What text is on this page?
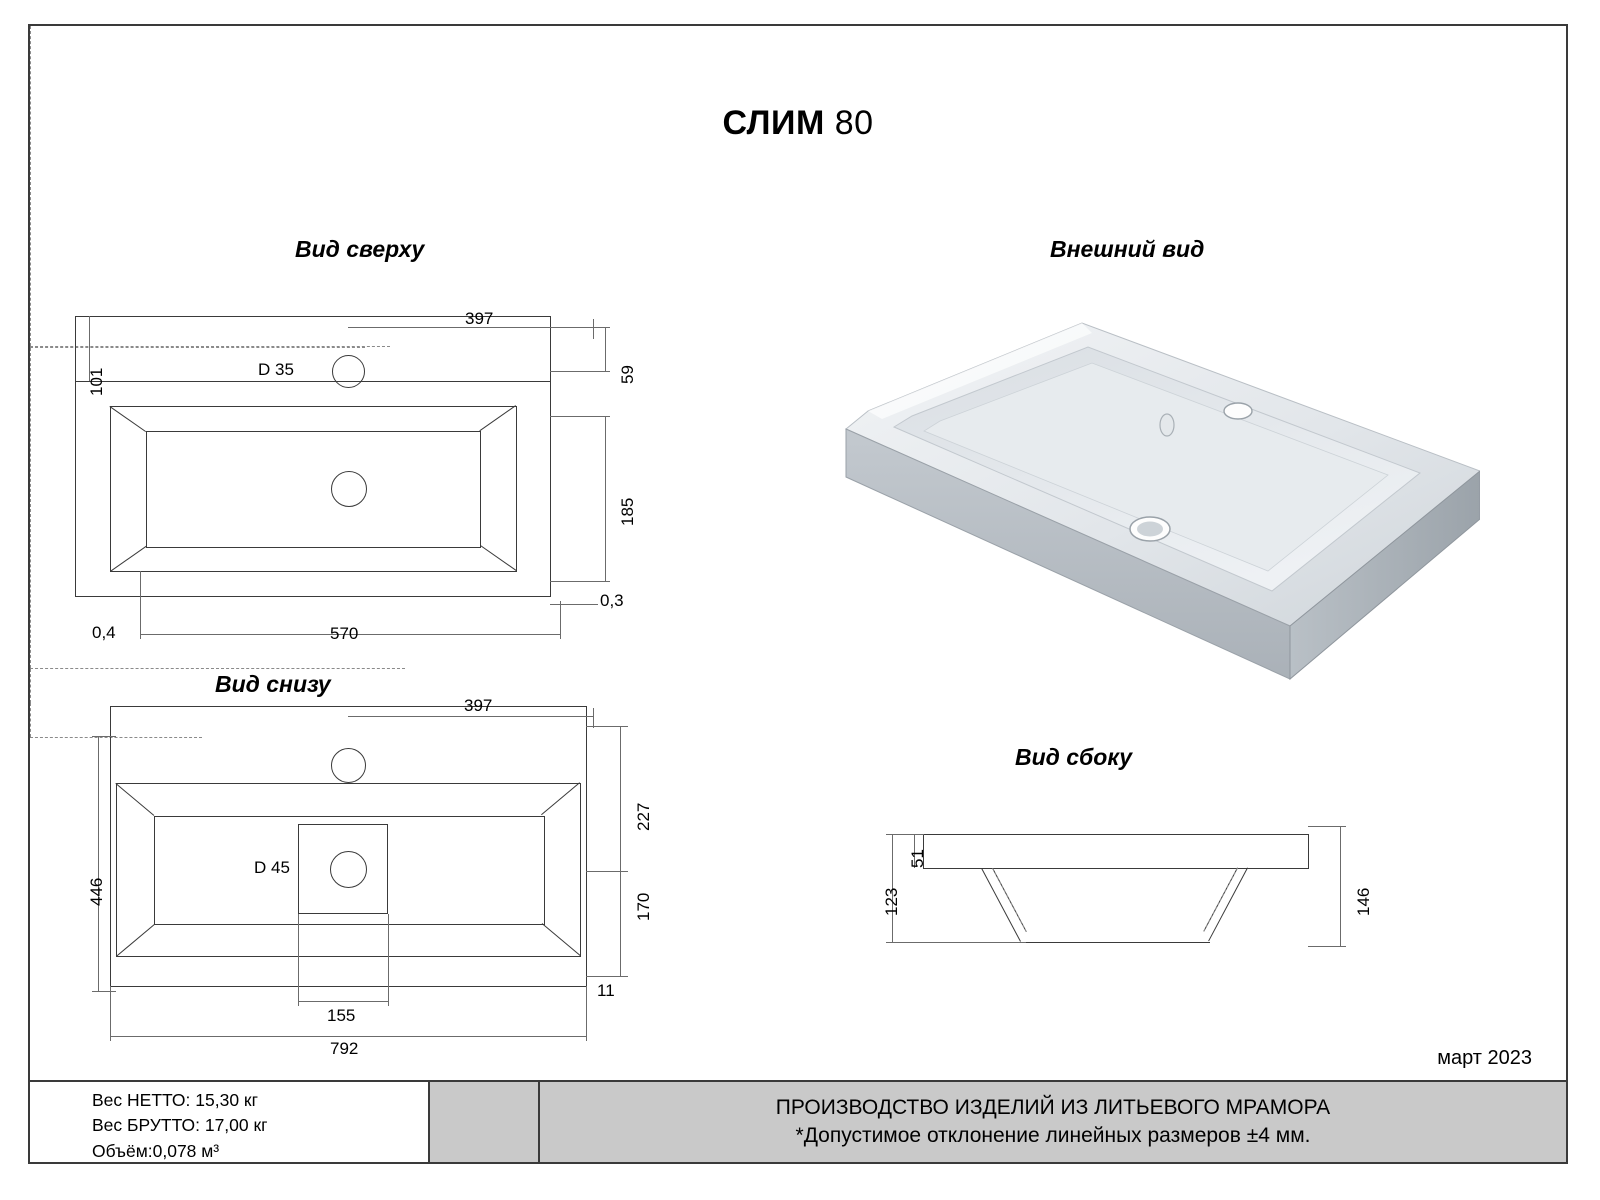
СЛИМ 80
Вид сверху
Вид снизу
Внешний вид
Вид сбоку
D 35
397
101	59
185
0,3
0,4	570
D 45
397
446
227
170
11
155
792
51
123	146
март 2023
Вес НЕТТО: 15,30 кг
Вес БРУТТО: 17,00 кг
Объём:0,078 м³
ПРОИЗВОДСТВО ИЗДЕЛИЙ ИЗ ЛИТЬЕВОГО МРАМОРА
*Допустимое отклонение линейных размеров ±4 мм.
